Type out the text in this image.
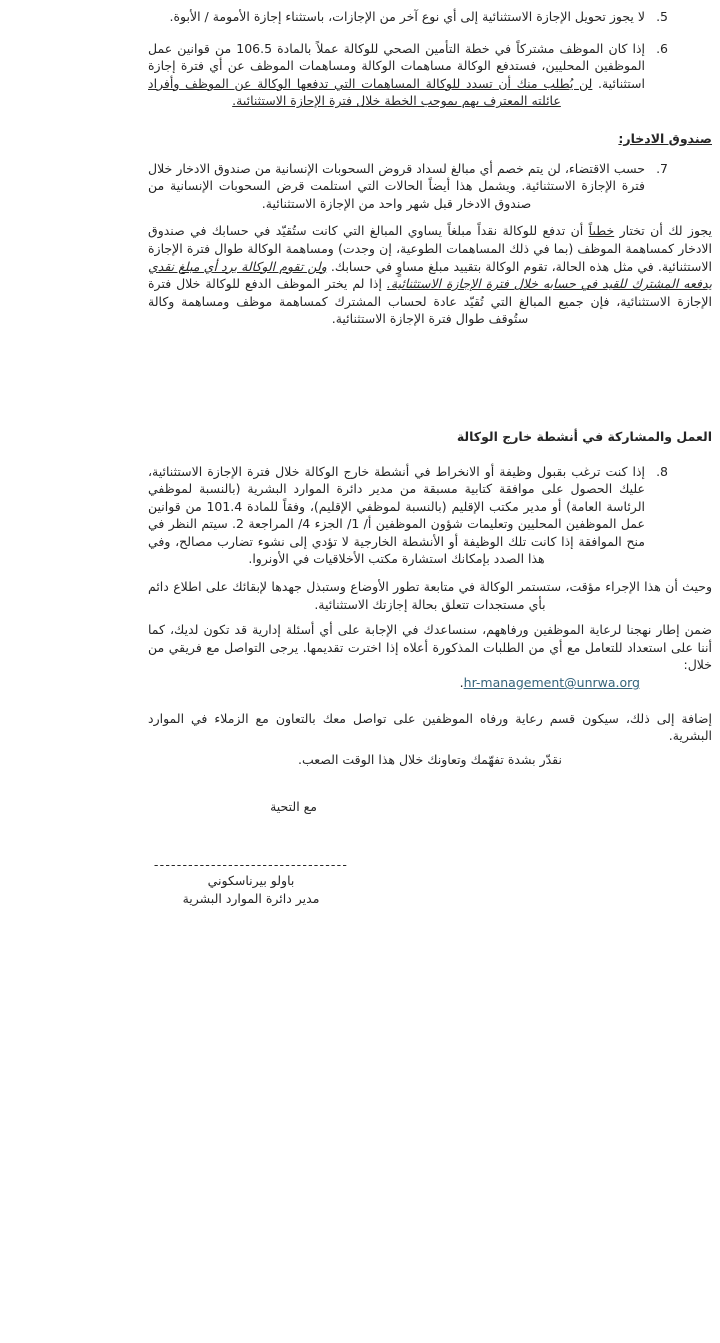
5.
لا يجوز تحويل الإجازة الاستثنائية إلى أي نوع آخر من الإجازات، باستثناء إجازة الأمومة / الأبوة.
6.
إذا كان الموظف مشتركاً في خطة التأمين الصحي للوكالة عملاً بالمادة 106.5 من قوانين عمل الموظفين المحليين، فستدفع الوكالة مساهمات الوكالة ومساهمات الموظف عن أي فترة إجازة استثنائية. لن يُطلب منك أن تسدد للوكالة المساهمات التي تدفعها الوكالة عن الموظف وأفراد عائلته المعترف بهم بموجب الخطة خلال فترة الإجازة الاستثنائية.

صندوق الادخار:

7.
حسب الاقتضاء، لن يتم خصم أي مبالغ لسداد قروض السحوبات الإنسانية من صندوق الادخار خلال فترة الإجازة الاستثنائية. ويشمل هذا أيضاً الحالات التي استلمت قرض السحوبات الإنسانية من صندوق الادخار قبل شهر واحد من الإجازة الاستثنائية.

يجوز لك أن تختار خطياً أن تدفع للوكالة نقداً مبلغاً يساوي المبالغ التي كانت ستُقيّد في حسابك في صندوق الادخار كمساهمة الموظف (بما في ذلك المساهمات الطوعية، إن وجدت) ومساهمة الوكالة طوال فترة الإجازة الاستثنائية. في مثل هذه الحالة، تقوم الوكالة بتقييد مبلغ مساوٍ في حسابك. ولن تقوم الوكالة برد أي مبلغ نقدي يدفعه المشترك للقيد في حسابه خلال فترة الإجازة الاستثنائية. إذا لم يختر الموظف الدفع للوكالة خلال فترة الإجازة الاستثنائية، فإن جميع المبالغ التي تُقيّد عادة لحساب المشترك كمساهمة موظف ومساهمة وكالة ستُوقف طوال فترة الإجازة الاستثنائية.

العمل والمشاركة في أنشطة خارج الوكالة

8.
إذا كنت ترغب بقبول وظيفة أو الانخراط في أنشطة خارج الوكالة خلال فترة الإجازة الاستثنائية، عليك الحصول على موافقة كتابية مسبقة من مدير دائرة الموارد البشرية (بالنسبة لموظفي الرئاسة العامة) أو مدير مكتب الإقليم (بالنسبة لموظفي الإقليم)، وفقاً للمادة 101.4 من قوانين عمل الموظفين المحليين وتعليمات شؤون الموظفين أ/ 1/ الجزء 4/ المراجعة 2. سيتم النظر في منح الموافقة إذا كانت تلك الوظيفة أو الأنشطة الخارجية لا تؤدي إلى نشوء تضارب مصالح، وفي هذا الصدد بإمكانك استشارة مكتب الأخلاقيات في الأونروا.

وحيث أن هذا الإجراء مؤقت، ستستمر الوكالة في متابعة تطور الأوضاع وستبذل جهدها لإبقائك على اطلاع دائم بأي مستجدات تتعلق بحالة إجازتك الاستثنائية.

ضمن إطار نهجنا لرعاية الموظفين ورفاههم، سنساعدك في الإجابة على أي أسئلة إدارية قد تكون لديك، كما أننا على استعداد للتعامل مع أي من الطلبات المذكورة أعلاه إذا اخترت تقديمها. يرجى التواصل مع فريقي من خلال:

.hr-management@unrwa.org

إضافة إلى ذلك، سيكون قسم رعاية ورفاه الموظفين على تواصل معك بالتعاون مع الزملاء في الموارد البشرية.

نقدّر بشدة تفهّمك وتعاونك خلال هذا الوقت الصعب.

مع التحية

----------------------------------
باولو بيرناسكوني
مدير دائرة الموارد البشرية
